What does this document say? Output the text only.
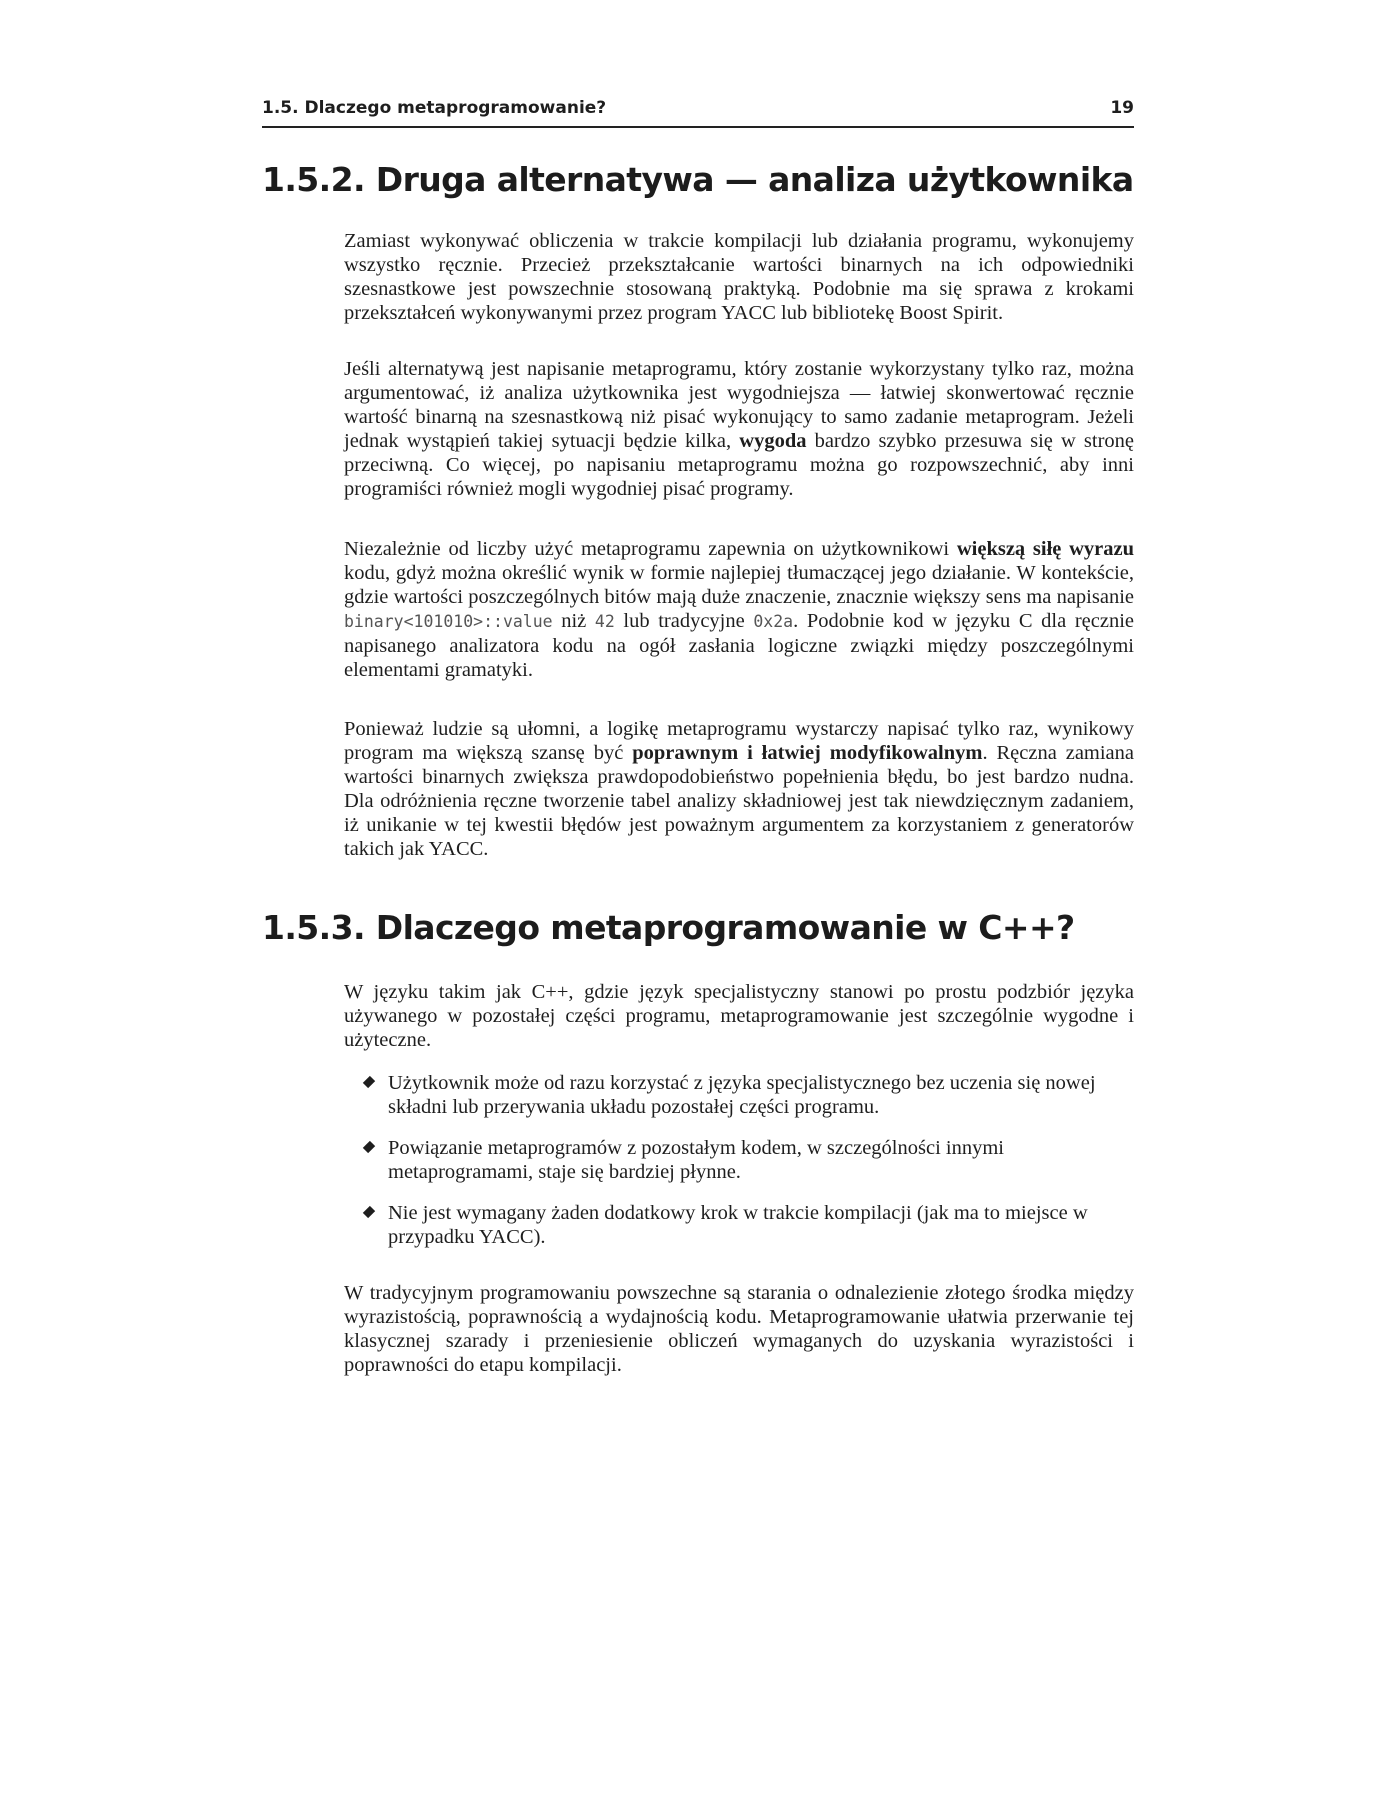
1.5. Dlaczego metaprogramowanie?	19
1.5.2. Druga alternatywa — analiza użytkownika

Zamiast wykonywać obliczenia w trakcie kompilacji lub działania programu, wykonujemy wszystko ręcznie. Przecież przekształcanie wartości binarnych na ich odpowiedniki szesnastkowe jest powszechnie stosowaną praktyką. Podobnie ma się sprawa z krokami przekształceń wykonywanymi przez program YACC lub bibliotekę Boost Spirit.

Jeśli alternatywą jest napisanie metaprogramu, który zostanie wykorzystany tylko raz, można argumentować, iż analiza użytkownika jest wygodniejsza — łatwiej skonwertować ręcznie wartość binarną na szesnastkową niż pisać wykonujący to samo zadanie metaprogram. Jeżeli jednak wystąpień takiej sytuacji będzie kilka, wygoda bardzo szybko przesuwa się w stronę przeciwną. Co więcej, po napisaniu metaprogramu można go rozpowszechnić, aby inni programiści również mogli wygodniej pisać programy.

Niezależnie od liczby użyć metaprogramu zapewnia on użytkownikowi większą siłę wyrazu kodu, gdyż można określić wynik w formie najlepiej tłumaczącej jego działanie. W kontekście, gdzie wartości poszczególnych bitów mają duże znaczenie, znacznie większy sens ma napisanie binary<101010>::value niż 42 lub tradycyjne 0x2a. Podobnie kod w języku C dla ręcznie napisanego analizatora kodu na ogół zasłania logiczne związki między poszczególnymi elementami gramatyki.

Ponieważ ludzie są ułomni, a logikę metaprogramu wystarczy napisać tylko raz, wynikowy program ma większą szansę być poprawnym i łatwiej modyfikowalnym. Ręczna zamiana wartości binarnych zwiększa prawdopodobieństwo popełnienia błędu, bo jest bardzo nudna. Dla odróżnienia ręczne tworzenie tabel analizy składniowej jest tak niewdzięcznym zadaniem, iż unikanie w tej kwestii błędów jest poważnym argumentem za korzystaniem z generatorów takich jak YACC.

1.5.3. Dlaczego metaprogramowanie w C++?

W języku takim jak C++, gdzie język specjalistyczny stanowi po prostu podzbiór języka używanego w pozostałej części programu, metaprogramowanie jest szczególnie wygodne i użyteczne.

Użytkownik może od razu korzystać z języka specjalistycznego bez uczenia się nowej składni lub przerywania układu pozostałej części programu.
Powiązanie metaprogramów z pozostałym kodem, w szczególności innymi metaprogramami, staje się bardziej płynne.
Nie jest wymagany żaden dodatkowy krok w trakcie kompilacji (jak ma to miejsce w przypadku YACC).

W tradycyjnym programowaniu powszechne są starania o odnalezienie złotego środka między wyrazistością, poprawnością a wydajnością kodu. Metaprogramowanie ułatwia przerwanie tej klasycznej szarady i przeniesienie obliczeń wymaganych do uzyskania wyrazistości i poprawności do etapu kompilacji.
